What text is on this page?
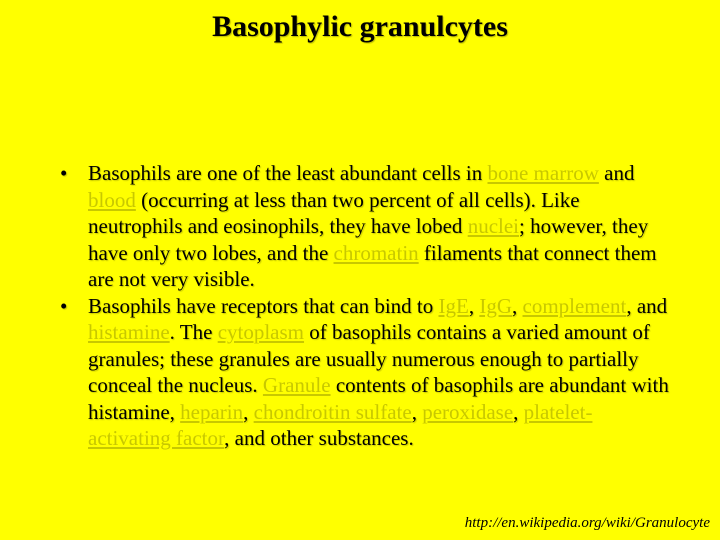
Basophylic granulcytes
• Basophils are one of the least abundant cells in bone marrow and blood (occurring at less than two percent of all cells). Like neutrophils and eosinophils, they have lobed nuclei; however, they have only two lobes, and the chromatin filaments that connect them are not very visible.
• Basophils have receptors that can bind to IgE, IgG, complement, and histamine. The cytoplasm of basophils contains a varied amount of granules; these granules are usually numerous enough to partially conceal the nucleus. Granule contents of basophils are abundant with histamine, heparin, chondroitin sulfate, peroxidase, platelet-activating factor, and other substances.

http://en.wikipedia.org/wiki/Granulocyte
